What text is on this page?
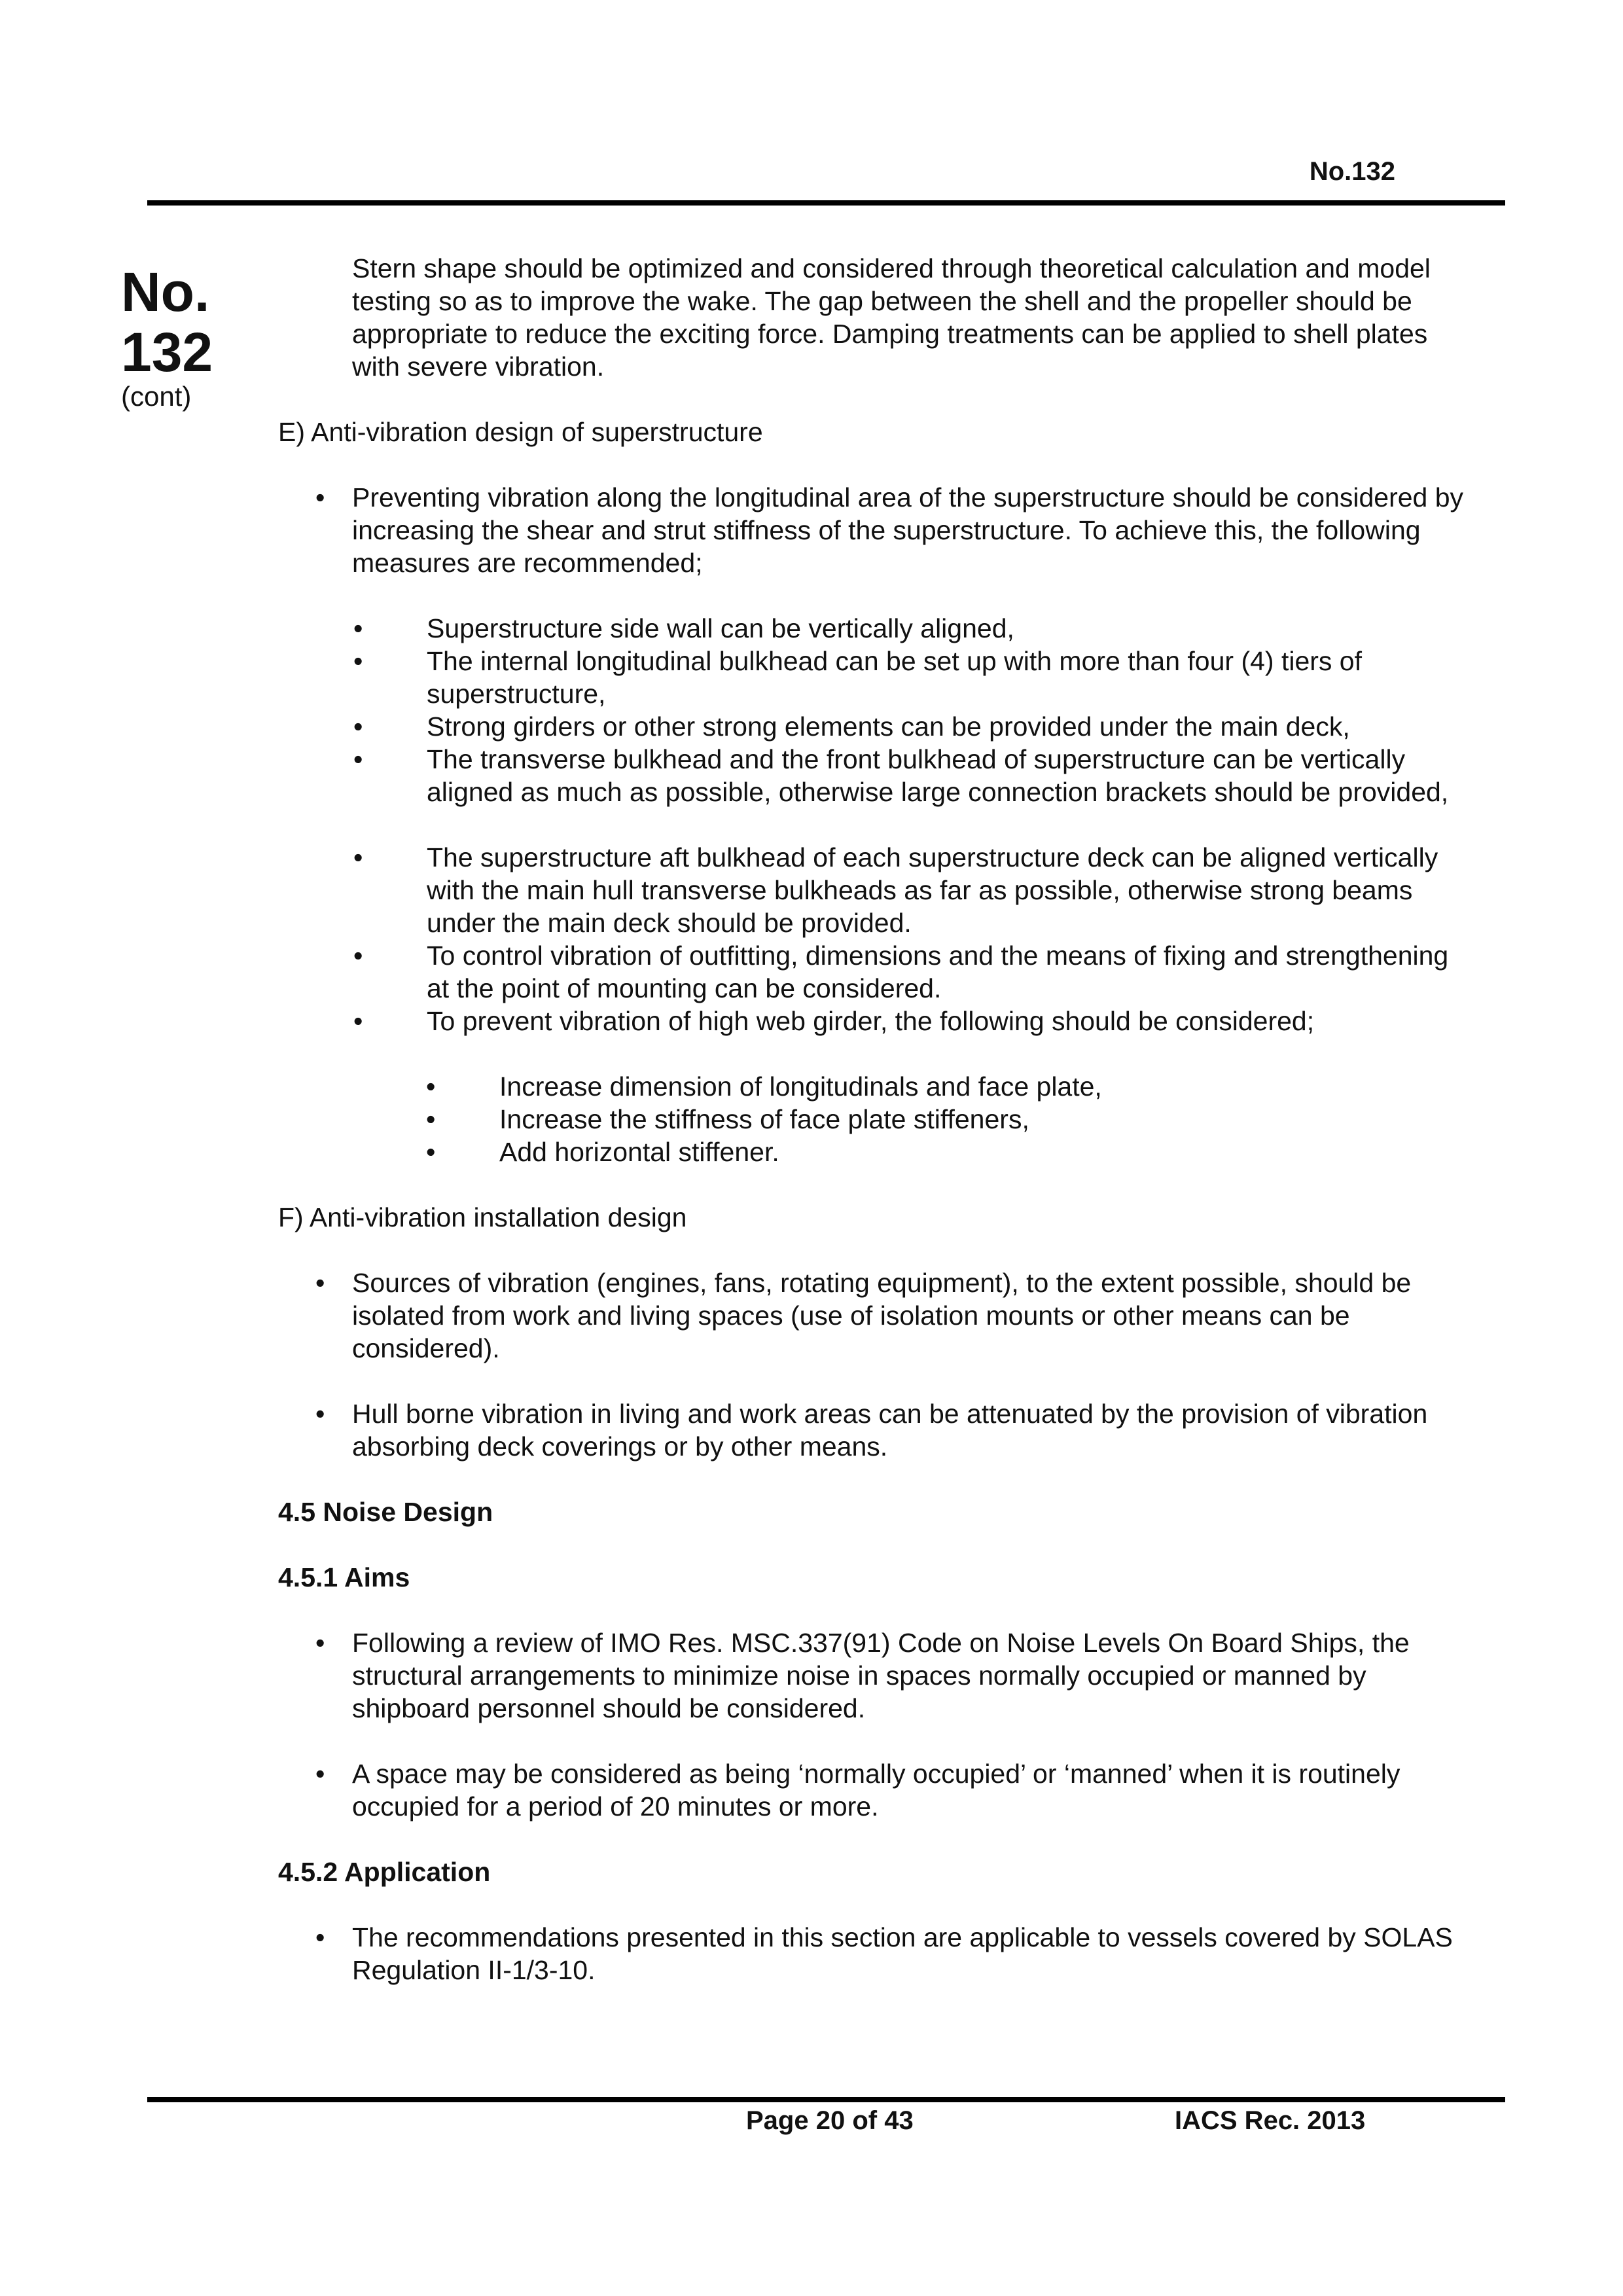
No.132
No.
132
(cont)

Stern shape should be optimized and considered through theoretical calculation and model testing so as to improve the wake. The gap between the shell and the propeller should be appropriate to reduce the exciting force. Damping treatments can be applied to shell plates with severe vibration.

E) Anti-vibration design of superstructure
• Preventing vibration along the longitudinal area of the superstructure should be considered by increasing the shear and strut stiffness of the superstructure. To achieve this, the following measures are recommended;
• Superstructure side wall can be vertically aligned,
• The internal longitudinal bulkhead can be set up with more than four (4) tiers of superstructure,
• Strong girders or other strong elements can be provided under the main deck,
• The transverse bulkhead and the front bulkhead of superstructure can be vertically aligned as much as possible, otherwise large connection brackets should be provided,
• The superstructure aft bulkhead of each superstructure deck can be aligned vertically with the main hull transverse bulkheads as far as possible, otherwise strong beams under the main deck should be provided.
• To control vibration of outfitting, dimensions and the means of fixing and strengthening at the point of mounting can be considered.
• To prevent vibration of high web girder, the following should be considered;
• Increase dimension of longitudinals and face plate,
• Increase the stiffness of face plate stiffeners,
• Add horizontal stiffener.
F) Anti-vibration installation design
• Sources of vibration (engines, fans, rotating equipment), to the extent possible, should be isolated from work and living spaces (use of isolation mounts or other means can be considered).
• Hull borne vibration in living and work areas can be attenuated by the provision of vibration absorbing deck coverings or by other means.
4.5 Noise Design
4.5.1 Aims
• Following a review of IMO Res. MSC.337(91) Code on Noise Levels On Board Ships, the structural arrangements to minimize noise in spaces normally occupied or manned by shipboard personnel should be considered.
• A space may be considered as being ‘normally occupied’ or ‘manned’ when it is routinely occupied for a period of 20 minutes or more.
4.5.2 Application
• The recommendations presented in this section are applicable to vessels covered by SOLAS Regulation II-1/3-10.
Page 20 of 43	IACS Rec. 2013
